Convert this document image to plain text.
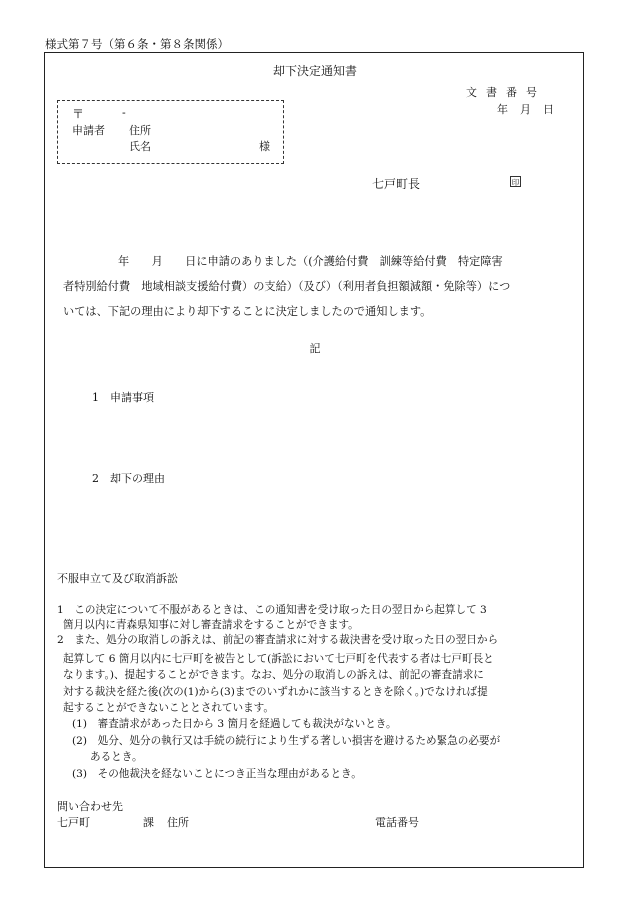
様式第７号（第６条・第８条関係）
却下決定通知書
文書番号
年 月 日
〒	-
申請者 住所
氏名	様
七戸町長	印
年　　月　　日に申請のありました（(介護給付費　訓練等給付費　特定障害
者特別給付費　地域相談支援給付費）の支給）（及び）（利用者負担額減額・免除等）につ
いては、下記の理由により却下することに決定しましたので通知します。
記
1　申請事項
2　却下の理由
不服申立て及び取消訴訟
1　この決定について不服があるときは、この通知書を受け取った日の翌日から起算して 3
箇月以内に青森県知事に対し審査請求をすることができます。
2　また、処分の取消しの訴えは、前記の審査請求に対する裁決書を受け取った日の翌日から
起算して 6 箇月以内に七戸町を被告として(訴訟において七戸町を代表する者は七戸町長と
なります。)、提起することができます。なお、処分の取消しの訴えは、前記の審査請求に
対する裁決を経た後(次の(1)から(3)までのいずれかに該当するときを除く。)でなければ提
起することができないこととされています。
(1)　審査請求があった日から 3 箇月を経過しても裁決がないとき。
(2)　処分、処分の執行又は手続の続行により生ずる著しい損害を避けるため緊急の必要が
あるとき。
(3)　その他裁決を経ないことにつき正当な理由があるとき。
問い合わせ先
七戸町	課 住所	電話番号
